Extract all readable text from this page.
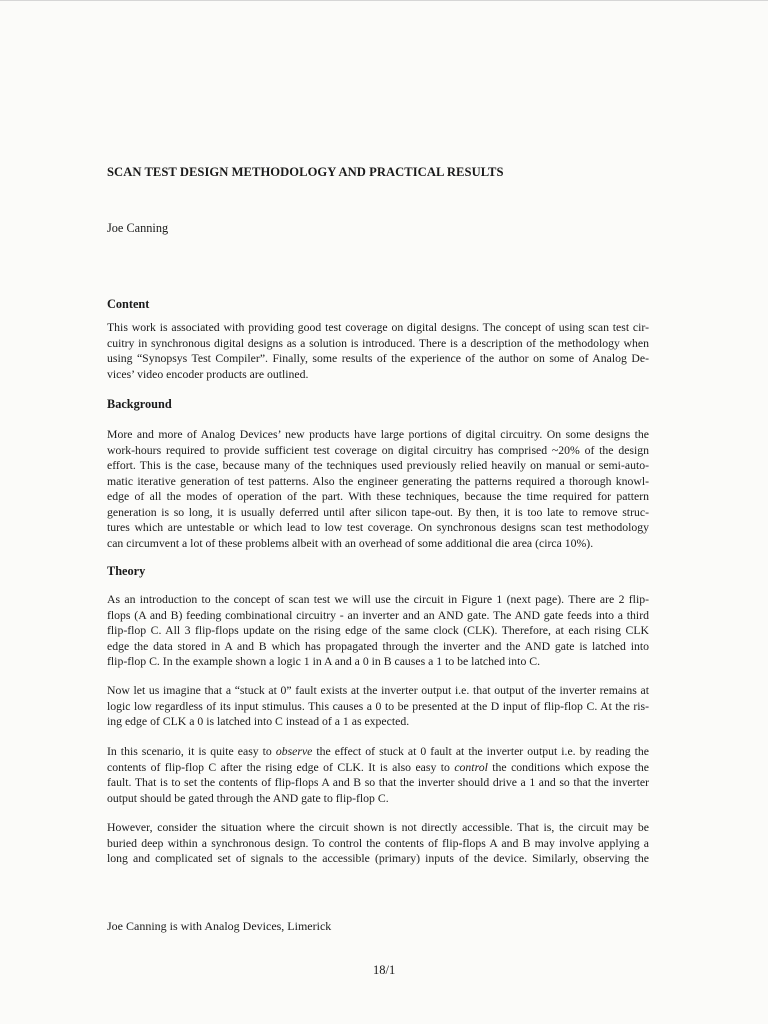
SCAN TEST DESIGN METHODOLOGY AND PRACTICAL RESULTS
Joe Canning
Content
This work is associated with providing good test coverage on digital designs. The concept of using scan test cir-
cuitry in synchronous digital designs as a solution is introduced. There is a description of the methodology when
using “Synopsys Test Compiler”. Finally, some results of the experience of the author on some of Analog De-
vices’ video encoder products are outlined.
Background
More and more of Analog Devices’ new products have large portions of digital circuitry. On some designs the
work-hours required to provide sufficient test coverage on digital circuitry has comprised ~20% of the design
effort. This is the case, because many of the techniques used previously relied heavily on manual or semi-auto-
matic iterative generation of test patterns. Also the engineer generating the patterns required a thorough knowl-
edge of all the modes of operation of the part. With these techniques, because the time required for pattern
generation is so long, it is usually deferred until after silicon tape-out. By then, it is too late to remove struc-
tures which are untestable or which lead to low test coverage. On synchronous designs scan test methodology
can circumvent a lot of these problems albeit with an overhead of some additional die area (circa 10%).
Theory
As an introduction to the concept of scan test we will use the circuit in Figure 1 (next page). There are 2 flip-
flops (A and B) feeding combinational circuitry - an inverter and an AND gate. The AND gate feeds into a third
flip-flop C. All 3 flip-flops update on the rising edge of the same clock (CLK). Therefore, at each rising CLK
edge the data stored in A and B which has propagated through the inverter and the AND gate is latched into
flip-flop C. In the example shown a logic 1 in A and a 0 in B causes a 1 to be latched into C.
Now let us imagine that a “stuck at 0” fault exists at the inverter output i.e. that output of the inverter remains at
logic low regardless of its input stimulus. This causes a 0 to be presented at the D input of flip-flop C. At the ris-
ing edge of CLK a 0 is latched into C instead of a 1 as expected.
In this scenario, it is quite easy to observe the effect of stuck at 0 fault at the inverter output i.e. by reading the
contents of flip-flop C after the rising edge of CLK. It is also easy to control the conditions which expose the
fault. That is to set the contents of flip-flops A and B so that the inverter should drive a 1 and so that the inverter
output should be gated through the AND gate to flip-flop C.
However, consider the situation where the circuit shown is not directly accessible. That is, the circuit may be
buried deep within a synchronous design. To control the contents of flip-flops A and B may involve applying a
long and complicated set of signals to the accessible (primary) inputs of the device. Similarly, observing the
Joe Canning is with Analog Devices, Limerick
18/1
